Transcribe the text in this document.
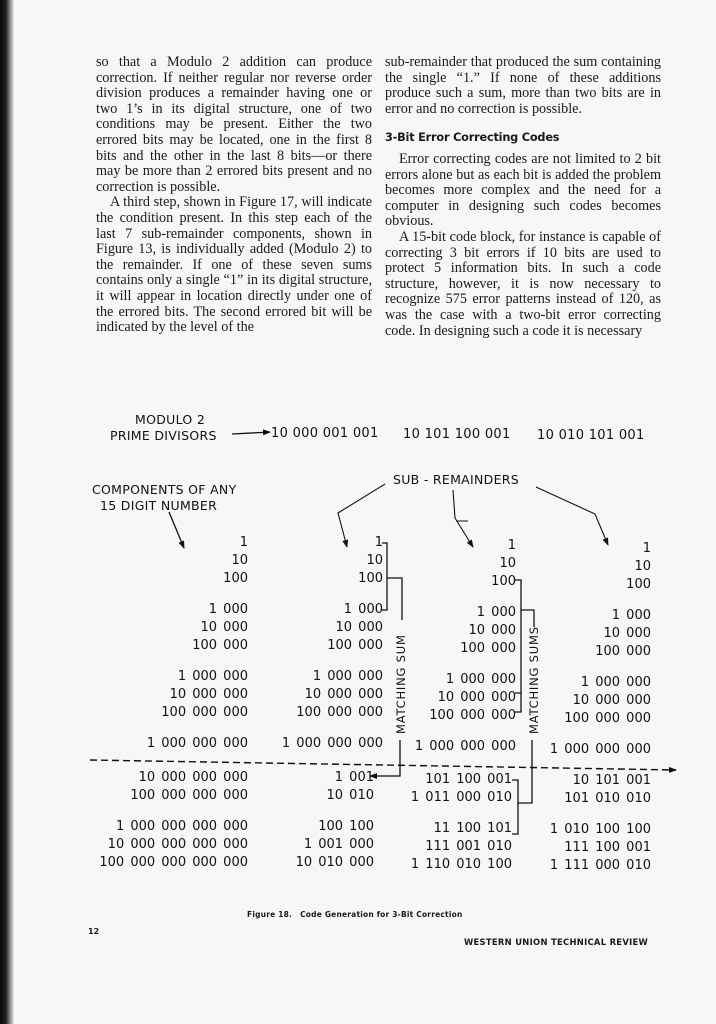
so that a Modulo 2 addition can produce correction. If neither regular nor reverse order division produces a remainder having one or two 1’s in its digital structure, one of two conditions may be present. Either the two errored bits may be located, one in the first 8 bits and the other in the last 8 bits—or there may be more than 2 errored bits present and no correction is possible.

A third step, shown in Figure 17, will indicate the condition present. In this step each of the last 7 sub-remainder components, shown in Figure 13, is individually added (Modulo 2) to the remainder. If one of these seven sums contains only a single “1” in its digital structure, it will appear in location directly under one of the errored bits. The second errored bit will be indicated by the level of the

sub-remainder that produced the sum containing the single “1.” If none of these additions produce such a sum, more than two bits are in error and no correction is possible.

3-Bit Error Correcting Codes

Error correcting codes are not limited to 2 bit errors alone but as each bit is added the problem becomes more complex and the need for a computer in designing such codes becomes obvious.

A 15-bit code block, for instance is capable of correcting 3 bit errors if 10 bits are used to protect 5 information bits. In such a code structure, however, it is now necessary to recognize 575 error patterns instead of 120, as was the case with a two-bit error correcting code. In designing such a code it is necessary

MODULO 2
PRIME DIVISORS	10 000 001 001 10 101 100 001 10 010 101 001
COMPONENTS OF ANY
15 DIGIT NUMBER
SUB - REMAINDERS
MATCHING SUM	MATCHING SUMS
1
10
100
1 000
10 000
100 000
1 000 000
10 000 000
100 000 000
1 000 000 000
10 000 000 000
100 000 000 000
1 000 000 000 000
10 000 000 000 000
100 000 000 000 000
1
10
100
1 000
10 000
100 000
1 000 000
10 000 000
100 000 000
1 000 000 000
1 001
10 010
100 100
1 001 000
10 010 000
1
10
100
1 000
10 000
100 000
1 000 000
10 000 000
100 000 000
1 000 000 000
101 100 001
1 011 000 010
11 100 101
111 001 010
1 110 010 100
1
10
100
1 000
10 000
100 000
1 000 000
10 000 000
100 000 000
1 000 000 000
10 101 001
101 010 010
1 010 100 100
111 100 001
1 111 000 010
Figure 18. Code Generation for 3-Bit Correction
12
WESTERN UNION TECHNICAL REVIEW
